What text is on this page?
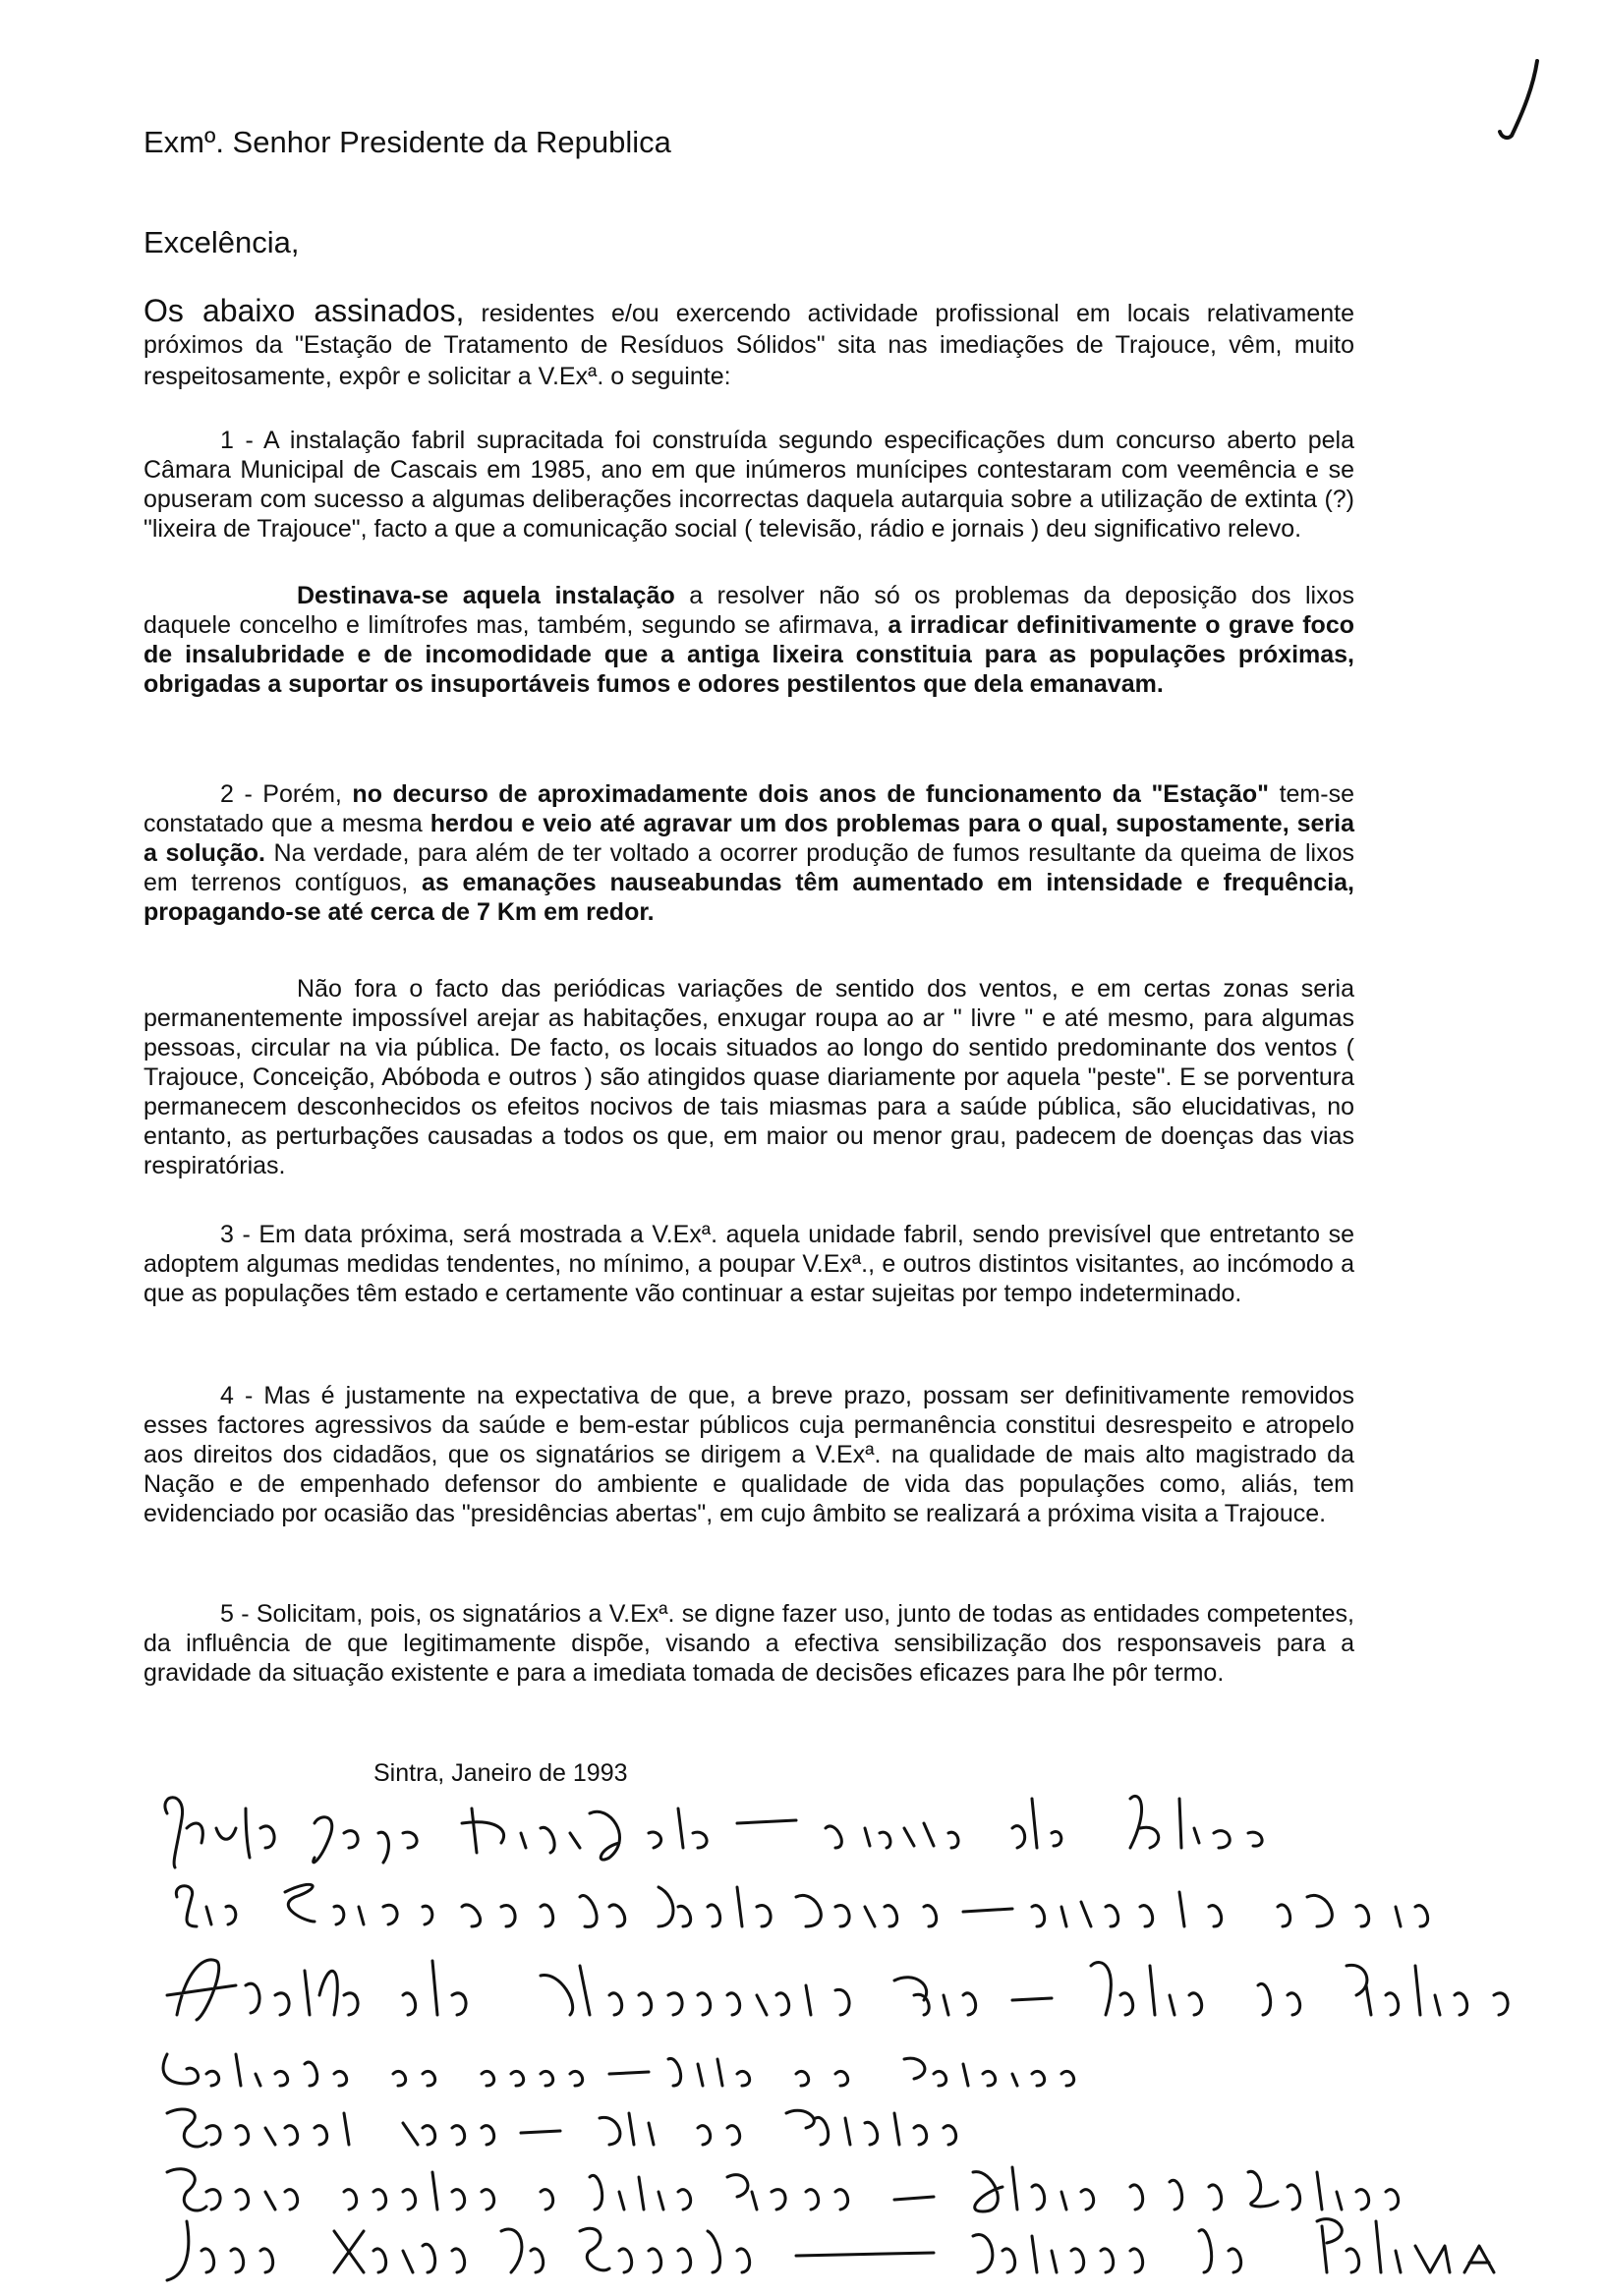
Exmº. Senhor Presidente da Republica
Excelência,

Os abaixo assinados, residentes e/ou exercendo actividade profissional em locais relativamente próximos da "Estação de Tratamento de Resíduos Sólidos" sita nas imediações de Trajouce, vêm, muito respeitosamente, expôr e solicitar a V.Exª. o seguinte:

1 - A instalação fabril supracitada foi construída segundo especificações dum concurso aberto pela Câmara Municipal de Cascais em 1985, ano em que inúmeros munícipes contestaram com veemência e se opuseram com sucesso a algumas deliberações incorrectas daquela autarquia sobre a utilização de extinta (?) "lixeira de Trajouce", facto a que a comunicação social ( televisão, rádio e jornais ) deu significativo relevo.

Destinava-se aquela instalação a resolver não só os problemas da deposição dos lixos daquele concelho e limítrofes mas, também, segundo se afirmava, a irradicar definitivamente o grave foco de insalubridade e de incomodidade que a antiga lixeira constituia para as populações próximas, obrigadas a suportar os insuportáveis fumos e odores pestilentos que dela emanavam.

2 - Porém, no decurso de aproximadamente dois anos de funcionamento da "Estação" tem-se constatado que a mesma herdou e veio até agravar um dos problemas para o qual, supostamente, seria a solução. Na verdade, para além de ter voltado a ocorrer produção de fumos resultante da queima de lixos em terrenos contíguos, as emanações nauseabundas têm aumentado em intensidade e frequência, propagando-se até cerca de 7 Km em redor.

Não fora o facto das periódicas variações de sentido dos ventos, e em certas zonas seria permanentemente impossível arejar as habitações, enxugar roupa ao ar " livre " e até mesmo, para algumas pessoas, circular na via pública. De facto, os locais situados ao longo do sentido predominante dos ventos ( Trajouce, Conceição, Abóboda e outros ) são atingidos quase diariamente por aquela "peste". E se porventura permanecem desconhecidos os efeitos nocivos de tais miasmas para a saúde pública, são elucidativas, no entanto, as perturbações causadas a todos os que, em maior ou menor grau, padecem de doenças das vias respiratórias.

3 - Em data próxima, será mostrada a V.Exª. aquela unidade fabril, sendo previsível que entretanto se adoptem algumas medidas tendentes, no mínimo, a poupar V.Exª., e outros distintos visitantes, ao incómodo a que as populações têm estado e certamente vão continuar a estar sujeitas por tempo indeterminado.

4 - Mas é justamente na expectativa de que, a breve prazo, possam ser definitivamente removidos esses factores agressivos da saúde e bem-estar públicos cuja permanência constitui desrespeito e atropelo aos direitos dos cidadãos, que os signatários se dirigem a V.Exª. na qualidade de mais alto magistrado da Nação e de empenhado defensor do ambiente e qualidade de vida das populações como, aliás, tem evidenciado por ocasião das "presidências abertas", em cujo âmbito se realizará a próxima visita a Trajouce.

5 - Solicitam, pois, os signatários a V.Exª. se digne fazer uso, junto de todas as entidades competentes, da influência de que legitimamente dispõe, visando a efectiva sensibilização dos responsaveis para a gravidade da situação existente e para a imediata tomada de decisões eficazes para lhe pôr termo.

Sintra, Janeiro de 1993
